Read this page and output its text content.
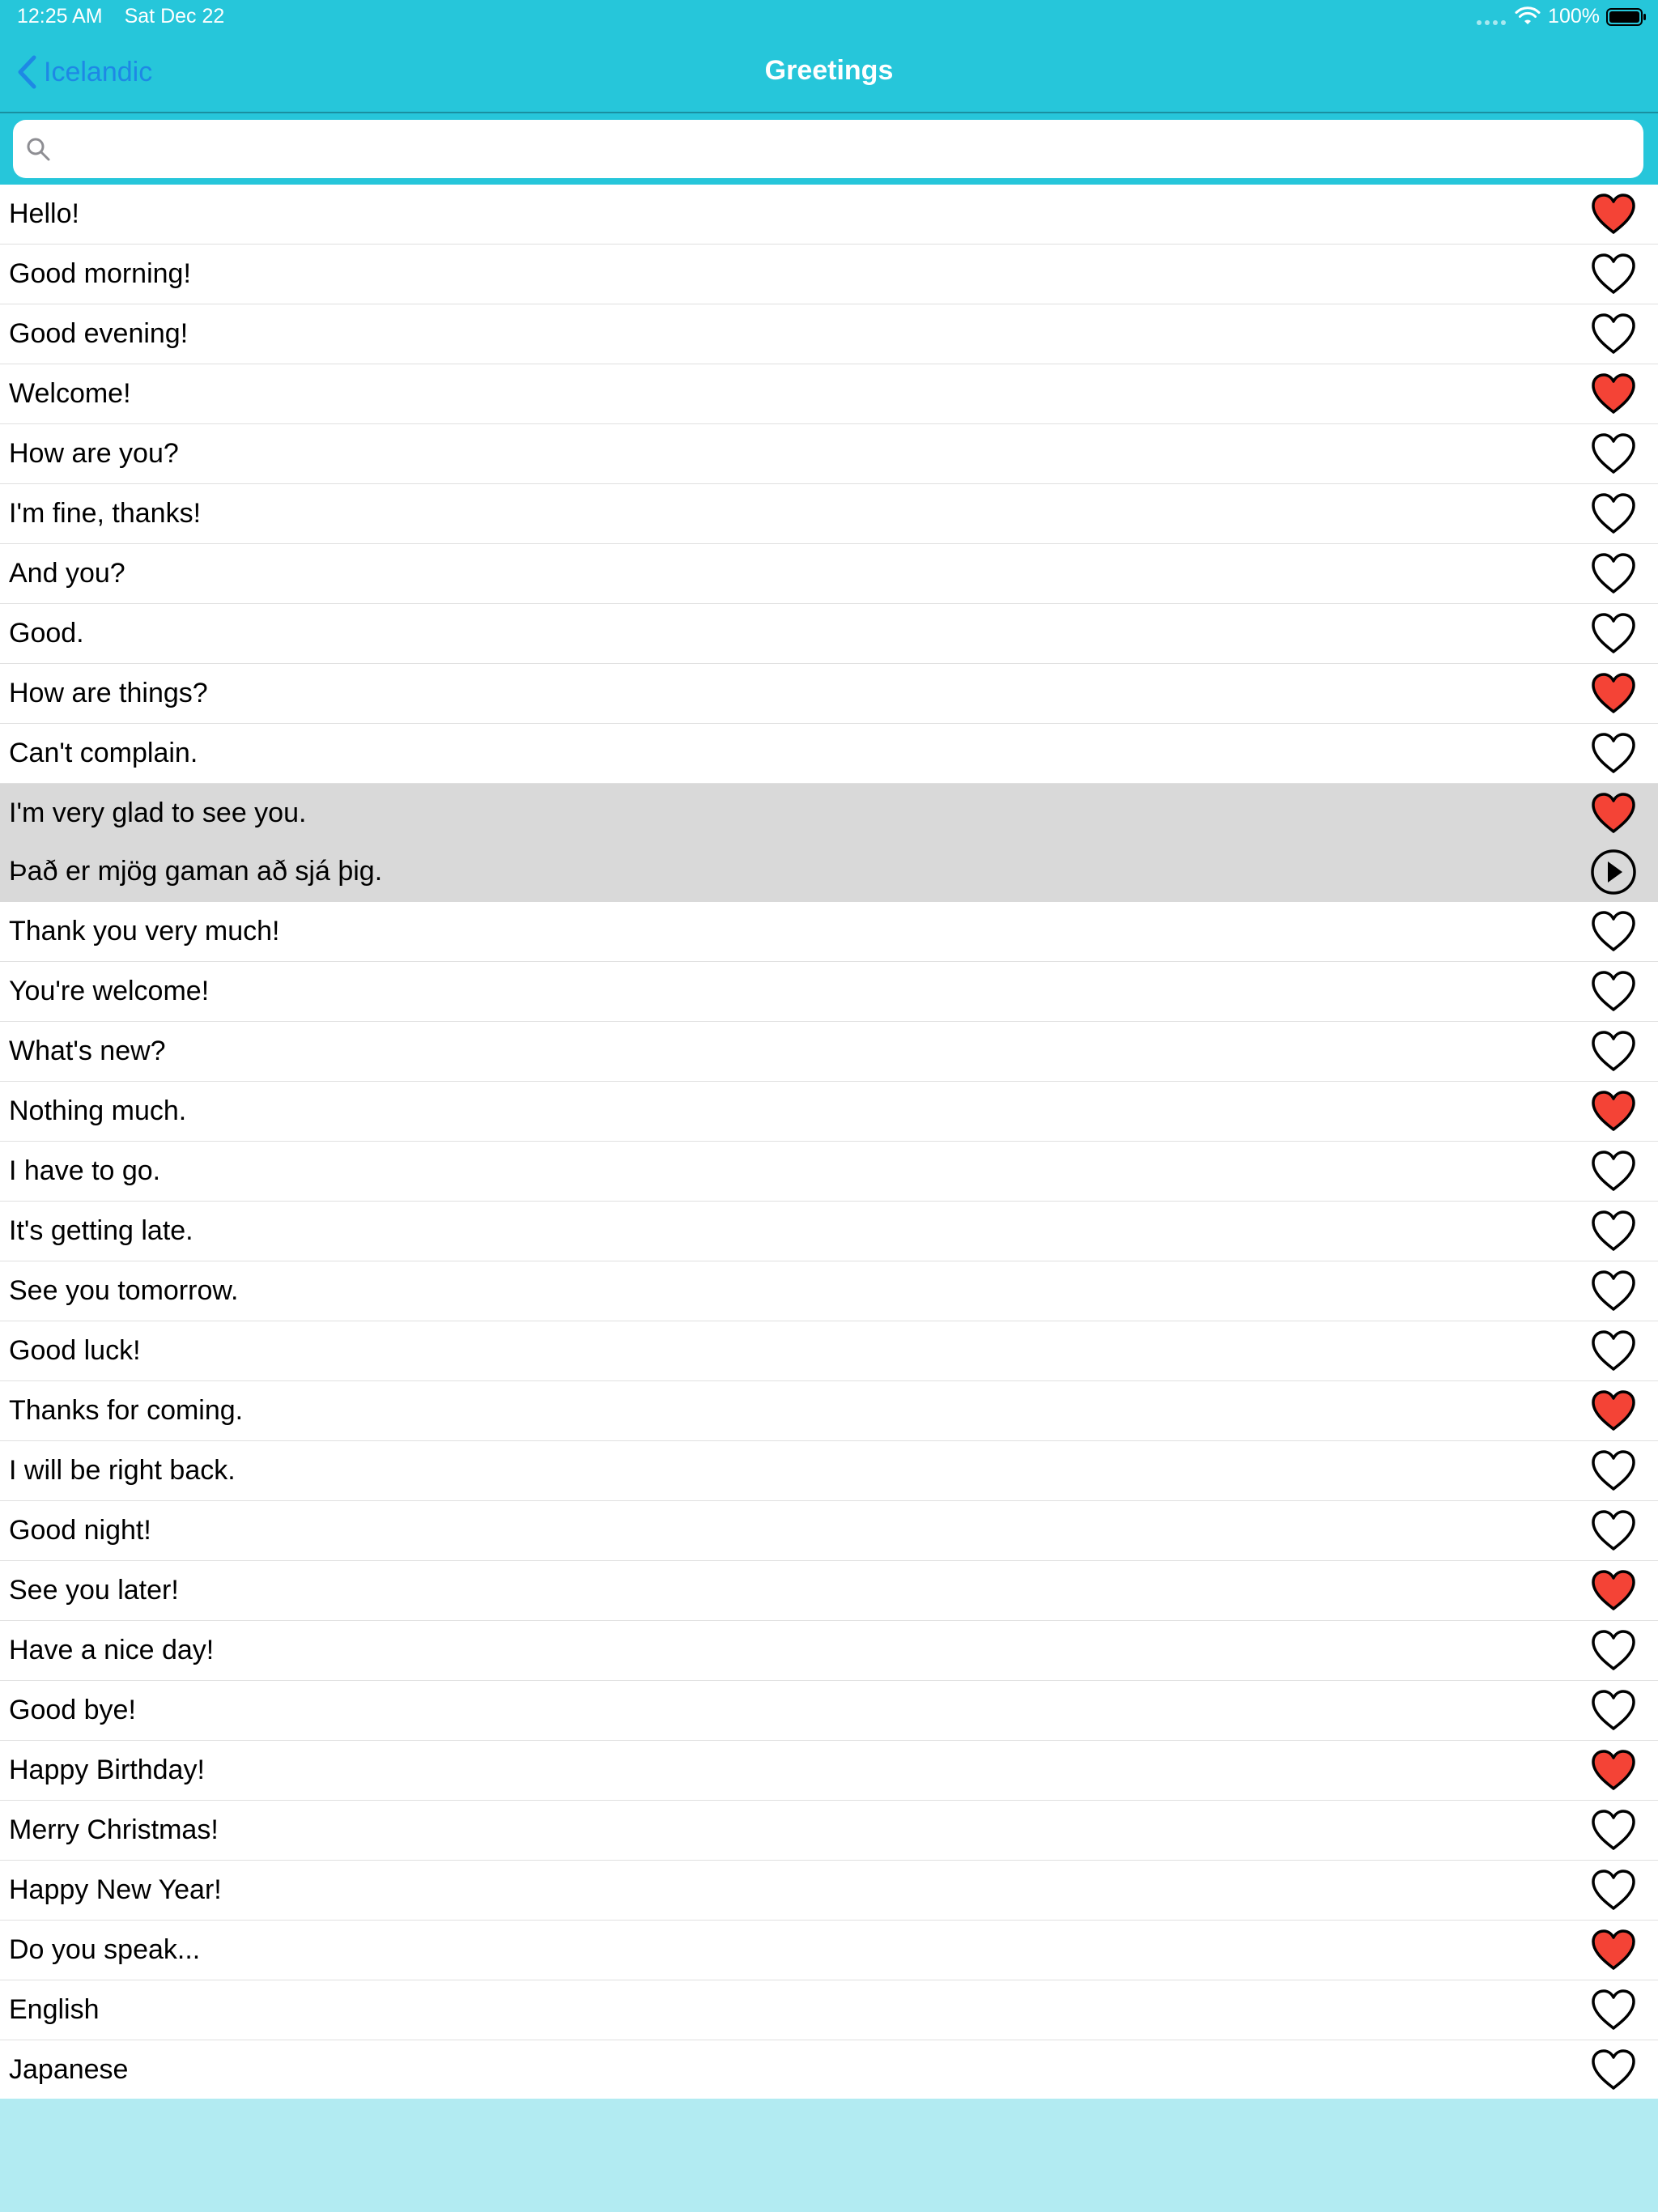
12:25 AM Sat Dec 22	100%
Icelandic	Greetings
Hello!
Good morning!
Good evening!
Welcome!
How are you?
I'm fine, thanks!
And you?
Good.
How are things?
Can't complain.
I'm very glad to see you.
Það er mjög gaman að sjá þig.
Thank you very much!
You're welcome!
What's new?
Nothing much.
I have to go.
It's getting late.
See you tomorrow.
Good luck!
Thanks for coming.
I will be right back.
Good night!
See you later!
Have a nice day!
Good bye!
Happy Birthday!
Merry Christmas!
Happy New Year!
Do you speak...
English
Japanese
